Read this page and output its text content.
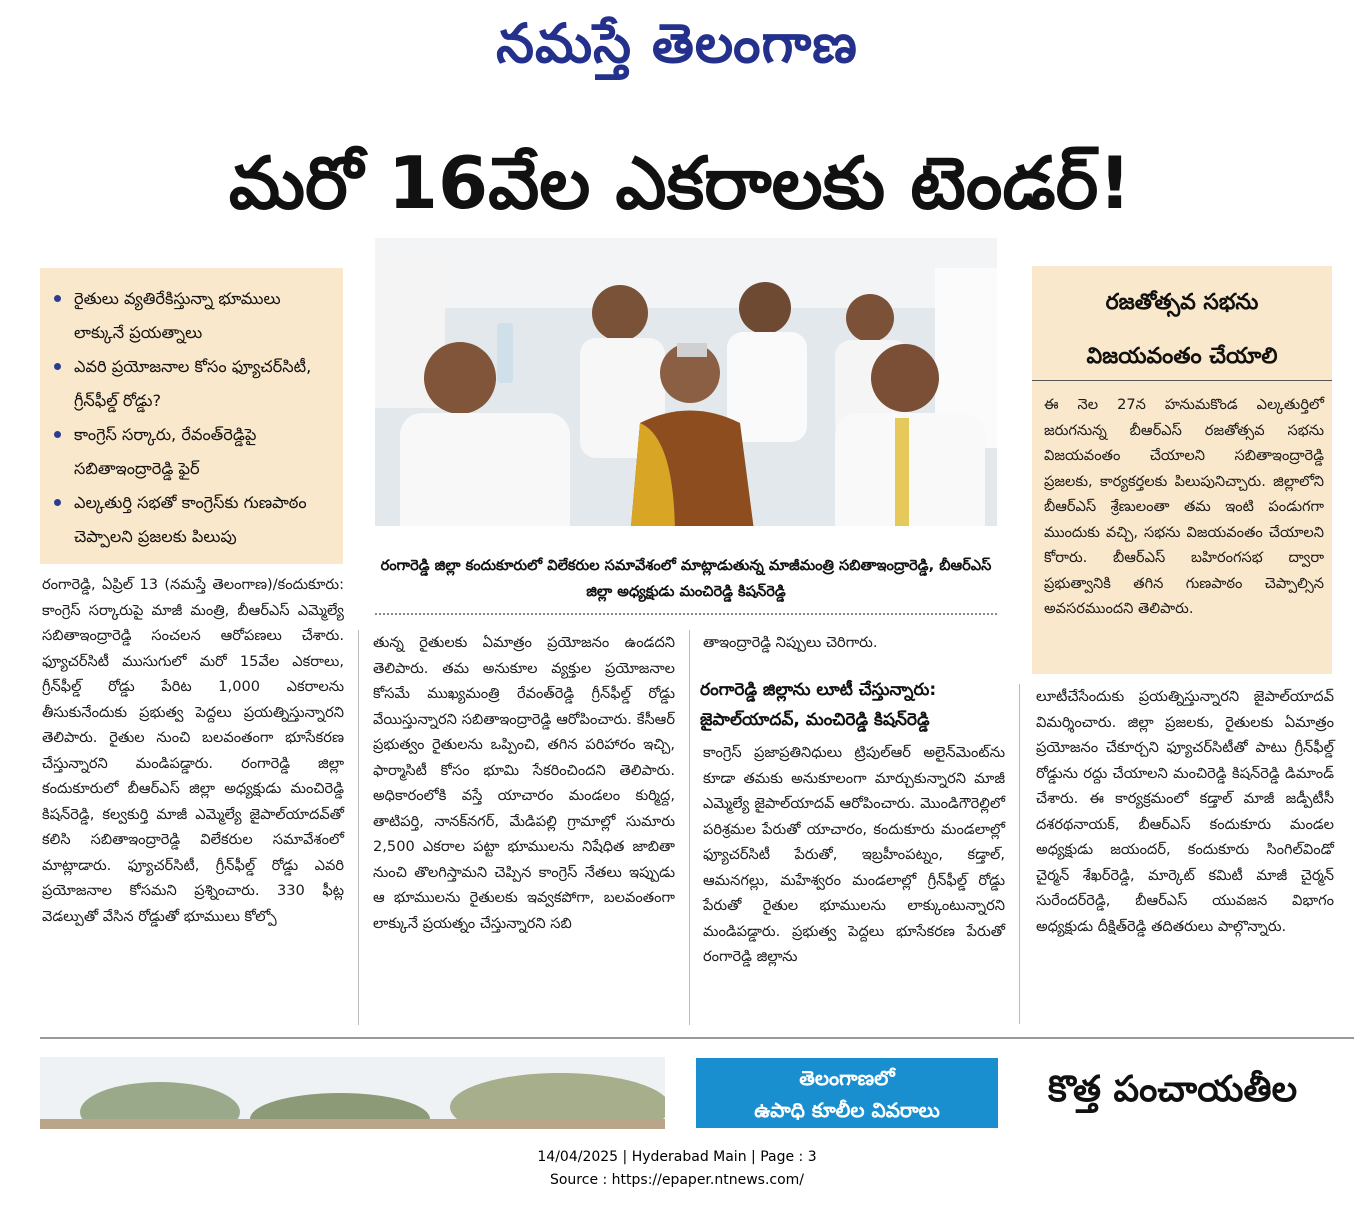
నమస్తే తెలంగాణ
మరో 16వేల ఎకరాలకు టెండర్!
రైతులు వ్యతిరేకిస్తున్నా భూములు లాక్కునే ప్రయత్నాలు
ఎవరి ప్రయోజనాల కోసం ఫ్యూచర్‌సిటీ, గ్రీన్‌ఫీల్డ్‌ రోడ్డు?
కాంగ్రెస్‌ సర్కారు, రేవంత్‌రెడ్డిపై సబితాఇంద్రారెడ్డి ఫైర్‌
ఎల్కతుర్తి సభతో కాంగ్రెస్‌కు గుణపాఠం చెప్పాలని ప్రజలకు పిలుపు
రంగారెడ్డి జిల్లా కందుకూరులో విలేకరుల సమావేశంలో మాట్లాడుతున్న మాజీమంత్రి సబితాఇంద్రారెడ్డి, బీఆర్‌ఎస్‌ జిల్లా అధ్యక్షుడు మంచిరెడ్డి కిషన్‌రెడ్డి
రజతోత్సవ సభను
విజయవంతం చేయాలి
ఈ నెల 27న హనుమకొండ ఎల్కతుర్తిలో జరుగనున్న బీఆర్‌ఎస్‌ రజతోత్సవ సభను విజయవంతం చేయాలని సబితాఇంద్రారెడ్డి ప్రజలకు, కార్యకర్తలకు పిలుపునిచ్చారు. జిల్లాలోని బీఆర్‌ఎస్‌ శ్రేణులంతా తమ ఇంటి పండుగగా ముందుకు వచ్చి, సభను విజయవంతం చేయాలని కోరారు. బీఆర్‌ఎస్‌ బహిరంగసభ ద్వారా ప్రభుత్వానికి తగిన గుణపాఠం చెప్పాల్సిన అవసరముందని తెలిపారు.
రంగారెడ్డి, ఏప్రిల్‌ 13 (నమస్తే తెలంగాణ)/కందుకూరు: కాంగ్రెస్‌ సర్కారుపై మాజీ మంత్రి, బీఆర్‌ఎస్‌ ఎమ్మెల్యే సబితాఇంద్రారెడ్డి సంచలన ఆరోపణలు చేశారు. ఫ్యూచర్‌సిటీ ముసుగులో మరో 15వేల ఎకరాలు, గ్రీన్‌ఫీల్డ్‌ రోడ్డు పేరిట 1,000 ఎకరాలను తీసుకునేందుకు ప్రభుత్వ పెద్దలు ప్రయత్నిస్తున్నారని తెలిపారు. రైతుల నుంచి బలవంతంగా భూసేకరణ చేస్తున్నారని మండిపడ్డారు. రంగారెడ్డి జిల్లా కందుకూరులో బీఆర్‌ఎస్‌ జిల్లా అధ్యక్షుడు మంచిరెడ్డి కిషన్‌రెడ్డి, కల్వకుర్తి మాజీ ఎమ్మెల్యే జైపాల్‌యాదవ్‌తో కలిసి సబితాఇంద్రారెడ్డి విలేకరుల సమావేశంలో మాట్లాడారు. ఫ్యూచర్‌సిటీ, గ్రీన్‌ఫీల్డ్‌ రోడ్డు ఎవరి ప్రయోజనాల కోసమని ప్రశ్నించారు. 330 ఫీట్ల వెడల్పుతో వేసిన రోడ్డుతో భూములు కోల్పో
తున్న రైతులకు ఏమాత్రం ప్రయోజనం ఉండదని తెలిపారు. తమ అనుకూల వ్యక్తుల ప్రయోజనాల కోసమే ముఖ్యమంత్రి రేవంత్‌రెడ్డి గ్రీన్‌ఫీల్డ్‌ రోడ్డు వేయిస్తున్నారని సబితాఇంద్రారెడ్డి ఆరోపించారు. కేసీఆర్‌ ప్రభుత్వం రైతులను ఒప్పించి, తగిన పరిహారం ఇచ్చి, ఫార్మాసిటీ కోసం భూమి సేకరించిందని తెలిపారు. అధికారంలోకి వస్తే యాచారం మండలం కుర్మిద్ద, తాటిపర్తి, నానక్‌నగర్‌, మేడిపల్లి గ్రామాల్లో సుమారు 2,500 ఎకరాల పట్టా భూములను నిషేధిత జాబితా నుంచి తొలగిస్తామని చెప్పిన కాంగ్రెస్‌ నేతలు ఇప్పుడు ఆ భూములను రైతులకు ఇవ్వకపోగా, బలవంతంగా లాక్కునే ప్రయత్నం చేస్తున్నారని సబి
తాఇంద్రారెడ్డి నిప్పులు చెరిగారు.
రంగారెడ్డి జిల్లాను లూటీ చేస్తున్నారు: జైపాల్‌యాదవ్‌, మంచిరెడ్డి కిషన్‌రెడ్డి
కాంగ్రెస్‌ ప్రజాప్రతినిధులు ట్రిపుల్‌ఆర్‌ అలైన్‌మెంట్‌ను కూడా తమకు అనుకూలంగా మార్చుకున్నారని మాజీ ఎమ్మెల్యే జైపాల్‌యాదవ్‌ ఆరోపించారు. మొండిగౌరెల్లిలో పరిశ్రమల పేరుతో యాచారం, కందుకూరు మండలాల్లో ఫ్యూచర్‌సిటీ పేరుతో, ఇబ్రహీంపట్నం, కడ్తాల్‌, ఆమనగల్లు, మహేశ్వరం మండలాల్లో గ్రీన్‌ఫీల్డ్‌ రోడ్డు పేరుతో రైతుల భూములను లాక్కుంటున్నారని మండిపడ్డారు. ప్రభుత్వ పెద్దలు భూసేకరణ పేరుతో రంగారెడ్డి జిల్లాను
లూటీచేసేందుకు ప్రయత్నిస్తున్నారని జైపాల్‌యాదవ్‌ విమర్శించారు. జిల్లా ప్రజలకు, రైతులకు ఏమాత్రం ప్రయోజనం చేకూర్చని ఫ్యూచర్‌సిటీతో పాటు గ్రీన్‌ఫీల్డ్‌ రోడ్డును రద్దు చేయాలని మంచిరెడ్డి కిషన్‌రెడ్డి డిమాండ్‌ చేశారు. ఈ కార్యక్రమంలో కడ్తాల్‌ మాజీ జడ్పీటీసీ దశరథనాయక్‌, బీఆర్‌ఎస్‌ కందుకూరు మండల అధ్యక్షుడు జయందర్‌, కందుకూరు సింగిల్‌విండో చైర్మన్‌ శేఖర్‌రెడ్డి, మార్కెట్‌ కమిటీ మాజీ చైర్మన్‌ సురేందర్‌రెడ్డి, బీఆర్‌ఎస్‌ యువజన విభాగం అధ్యక్షుడు దీక్షిత్‌రెడ్డి తదితరులు పాల్గొన్నారు.
తెలంగాణలో
ఉపాధి కూలీల వివరాలు	కొత్త పంచాయతీల
14/04/2025 | Hyderabad Main | Page : 3
Source : https://epaper.ntnews.com/
